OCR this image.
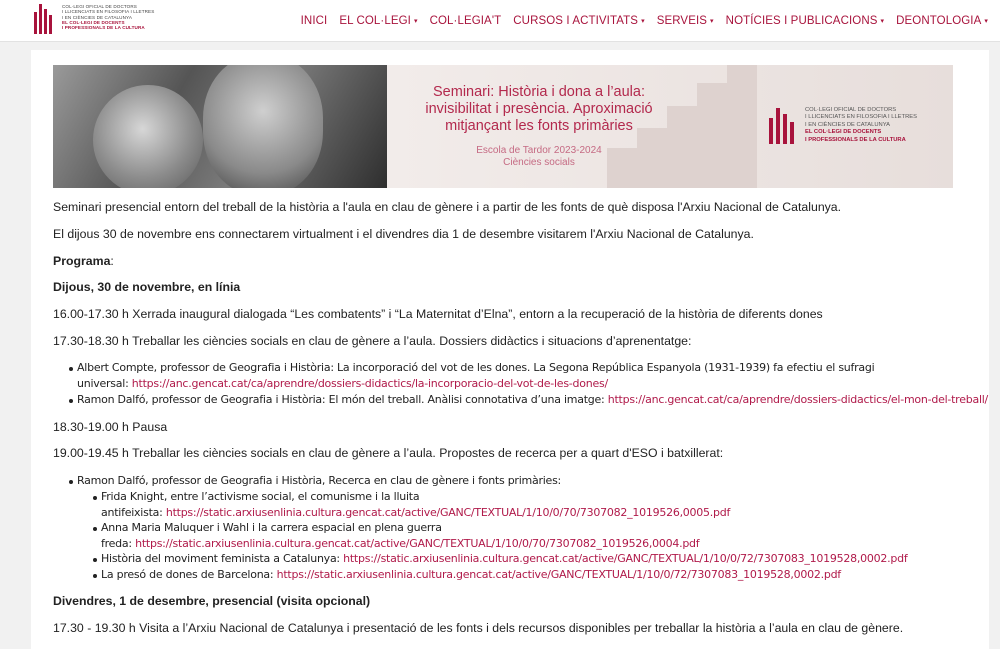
COL·LEGI OFICIAL DE DOCTORS
I LLICENCIATS EN FILOSOFIA I LLETRES
I EN CIÈNCIES DE CATALUNYA
EL COL·LEGI DE DOCENTS
I PROFESSIONALS DE LA CULTURA
INICI EL COL·LEGI ▾ COL·LEGIA'T CURSOS I ACTIVITATS ▾ SERVEIS ▾ NOTÍCIES I PUBLICACIONS ▾ DEONTOLOGIA ▾
Seminari: Història i dona a l’aula:
invisibilitat i presència. Aproximació
mitjançant les fonts primàries
Escola de Tardor 2023-2024
Ciències socials
COL·LEGI OFICIAL DE DOCTORS
I LLICENCIATS EN FILOSOFIA I LLETRES
I EN CIÈNCIES DE CATALUNYA
EL COL·LEGI DE DOCENTS
I PROFESSIONALS DE LA CULTURA

Seminari presencial entorn del treball de la història a l'aula en clau de gènere i a partir de les fonts de què disposa l'Arxiu Nacional de Catalunya.

El dijous 30 de novembre ens connectarem virtualment i el divendres dia 1 de desembre visitarem l'Arxiu Nacional de Catalunya.

Programa:

Dijous, 30 de novembre, en línia

16.00-17.30 h Xerrada inaugural dialogada “Les combatents” i “La Maternitat d’Elna”, entorn a la recuperació de la història de diferents dones

17.30-18.30 h Treballar les ciències socials en clau de gènere a l’aula. Dossiers didàctics i situacions d’aprenentatge:

Albert Compte, professor de Geografia i Història: La incorporació del vot de les dones. La Segona República Espanyola (1931-1939) fa efectiu el sufragi
universal: https://anc.gencat.cat/ca/aprendre/dossiers-didactics/la-incorporacio-del-vot-de-les-dones/
Ramon Dalfó, professor de Geografia i Història: El món del treball. Anàlisi connotativa d’una imatge: https://anc.gencat.cat/ca/aprendre/dossiers-didactics/el-mon-del-treball/

18.30-19.00 h Pausa

19.00-19.45 h Treballar les ciències socials en clau de gènere a l’aula. Propostes de recerca per a quart d'ESO i batxillerat:

Ramon Dalfó, professor de Geografia i Història, Recerca en clau de gènere i fonts primàries:
Frida Knight, entre l’activisme social, el comunisme i la lluita
antifeixista: https://static.arxiusenlinia.cultura.gencat.cat/active/GANC/TEXTUAL/1/10/0/70/7307082_1019526,0005.pdf
Anna Maria Maluquer i Wahl i la carrera espacial en plena guerra
freda: https://static.arxiusenlinia.cultura.gencat.cat/active/GANC/TEXTUAL/1/10/0/70/7307082_1019526,0004.pdf
Història del moviment feminista a Catalunya: https://static.arxiusenlinia.cultura.gencat.cat/active/GANC/TEXTUAL/1/10/0/72/7307083_1019528,0002.pdf
La presó de dones de Barcelona: https://static.arxiusenlinia.cultura.gencat.cat/active/GANC/TEXTUAL/1/10/0/72/7307083_1019528,0002.pdf

Divendres, 1 de desembre, presencial (visita opcional)

17.30 - 19.30 h Visita a l’Arxiu Nacional de Catalunya i presentació de les fonts i dels recursos disponibles per treballar la història a l’aula en clau de gènere.
